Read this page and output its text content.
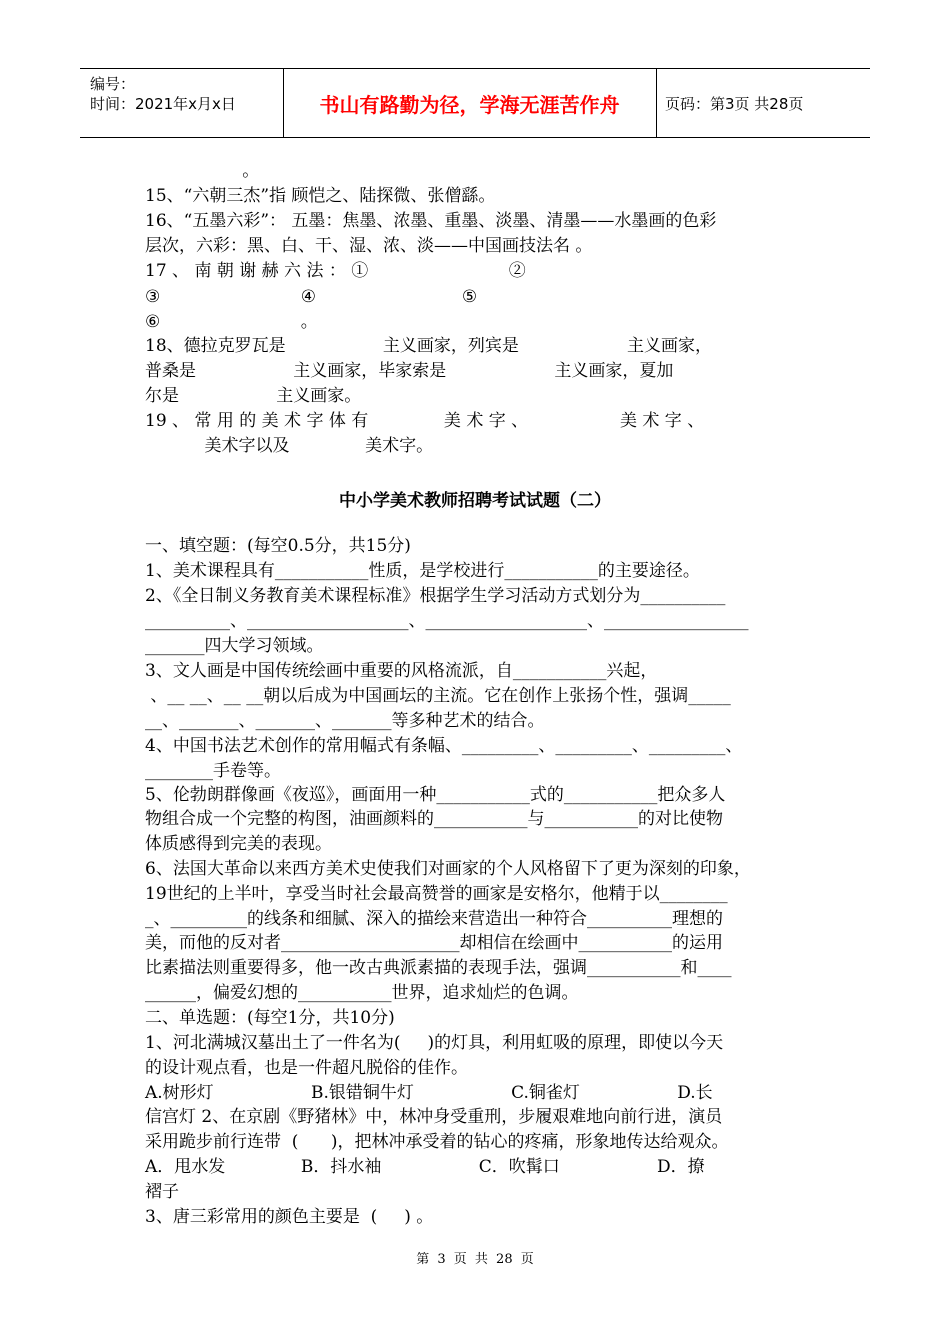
编号：
时间：2021年x月x日	书山有路勤为径，学海无涯苦作舟	页码：第3页 共28页
。
15、“六朝三杰”指 顾恺之、陆探微、张僧繇。
16、“五墨六彩”： 五墨：焦墨、浓墨、重墨、淡墨、清墨——水墨画的色彩
层次，六彩：黑、白、干、湿、浓、淡——中国画技法名 。
17 、 南 朝 谢 赫 六 法 ： ①                          ②
③                          ④                           ⑤
⑥                          。
18、德拉克罗瓦是                  主义画家，列宾是                    主义画家，
普桑是                  主义画家，毕家索是                    主义画家，夏加
尔是                  主义画家。
19 、 常 用 的 美 术 字 体 有              美 术 字 、                 美 术 字 、
美术字以及              美术字。
中小学美术教师招聘考试试题（二）
一、填空题：(每空0.5分，共15分)
1、美术课程具有___________性质，是学校进行___________的主要途径。
2、《全日制义务教育美术课程标准》根据学生学习活动方式划分为__________
__________、___________________、___________________、_________________
_______四大学习领域。
3、文人画是中国传统绘画中重要的风格流派，自___________兴起，
、__ __、__ __朝以后成为中国画坛的主流。它在创作上张扬个性，强调_____
__、_______、_______、_______等多种艺术的结合。
4、中国书法艺术创作的常用幅式有条幅、_________、_________、_________、
________手卷等。
5、伦勃朗群像画《夜巡》，画面用一种___________式的___________把众多人
物组合成一个完整的构图，油画颜料的___________与___________的对比使物
体质感得到完美的表现。
6、法国大革命以来西方美术史使我们对画家的个人风格留下了更为深刻的印象，
19世纪的上半叶，享受当时社会最高赞誉的画家是安格尔，他精于以________
_、_________的线条和细腻、深入的描绘来营造出一种符合__________理想的
美，而他的反对者_____________________却相信在绘画中___________的运用
比素描法则重要得多，他一改古典派素描的表现手法，强调___________和____
______，偏爱幻想的___________世界，追求灿烂的色调。
二、单选题：(每空1分，共10分)
1、河北满城汉墓出土了一件名为(     )的灯具，利用虹吸的原理，即使以今天
的设计观点看，也是一件超凡脱俗的佳作。
A.树形灯                  B.银错铜牛灯                  C.铜雀灯                  D.长
信宫灯 2、在京剧《野猪林》中，林冲身受重刑，步履艰难地向前行进，演员
采用跪步前行连带  (      )，把林冲承受着的钻心的疼痛，形象地传达给观众。
A．甩水发              B．抖水袖                  C．吹髯口                  D．撩
褶子
3、唐三彩常用的颜色主要是  (     ) 。
第 3 页 共 28 页
